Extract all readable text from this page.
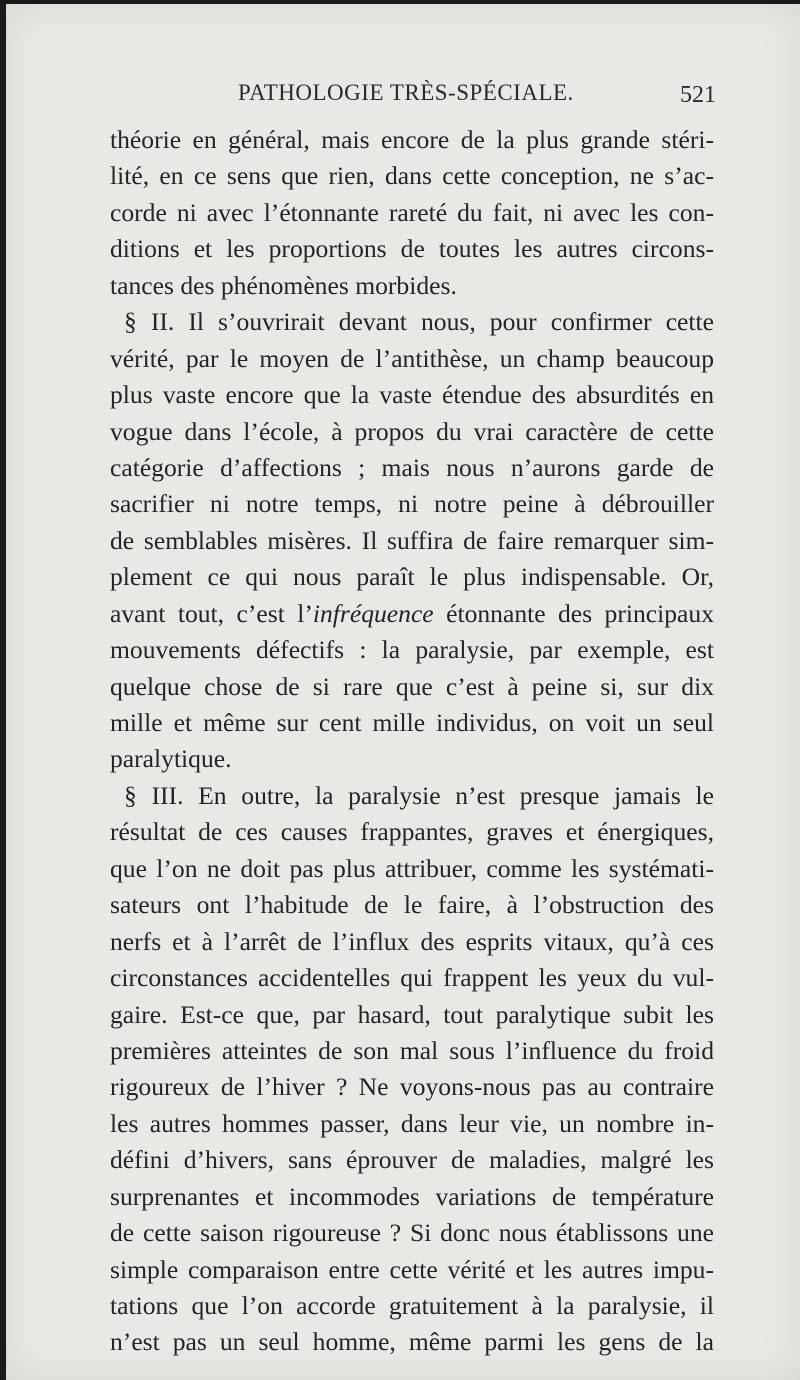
PATHOLOGIE TRÈS-SPÉCIALE.	521
théorie en général, mais encore de la plus grande stéri-
lité, en ce sens que rien, dans cette conception, ne s’ac-
corde ni avec l’étonnante rareté du fait, ni avec les con-
ditions et les proportions de toutes les autres circons-
tances des phénomènes morbides.
§ II. Il s’ouvrirait devant nous, pour confirmer cette
vérité, par le moyen de l’antithèse, un champ beaucoup
plus vaste encore que la vaste étendue des absurdités en
vogue dans l’école, à propos du vrai caractère de cette
catégorie d’affections ; mais nous n’aurons garde de
sacrifier ni notre temps, ni notre peine à débrouiller
de semblables misères. Il suffira de faire remarquer sim-
plement ce qui nous paraît le plus indispensable. Or,
avant tout, c’est l’infréquence étonnante des principaux
mouvements défectifs : la paralysie, par exemple, est
quelque chose de si rare que c’est à peine si, sur dix
mille et même sur cent mille individus, on voit un seul
paralytique.
§ III. En outre, la paralysie n’est presque jamais le
résultat de ces causes frappantes, graves et énergiques,
que l’on ne doit pas plus attribuer, comme les systémati-
sateurs ont l’habitude de le faire, à l’obstruction des
nerfs et à l’arrêt de l’influx des esprits vitaux, qu’à ces
circonstances accidentelles qui frappent les yeux du vul-
gaire. Est-ce que, par hasard, tout paralytique subit les
premières atteintes de son mal sous l’influence du froid
rigoureux de l’hiver ? Ne voyons-nous pas au contraire
les autres hommes passer, dans leur vie, un nombre in-
défini d’hivers, sans éprouver de maladies, malgré les
surprenantes et incommodes variations de température
de cette saison rigoureuse ? Si donc nous établissons une
simple comparaison entre cette vérité et les autres impu-
tations que l’on accorde gratuitement à la paralysie, il
n’est pas un seul homme, même parmi les gens de la
